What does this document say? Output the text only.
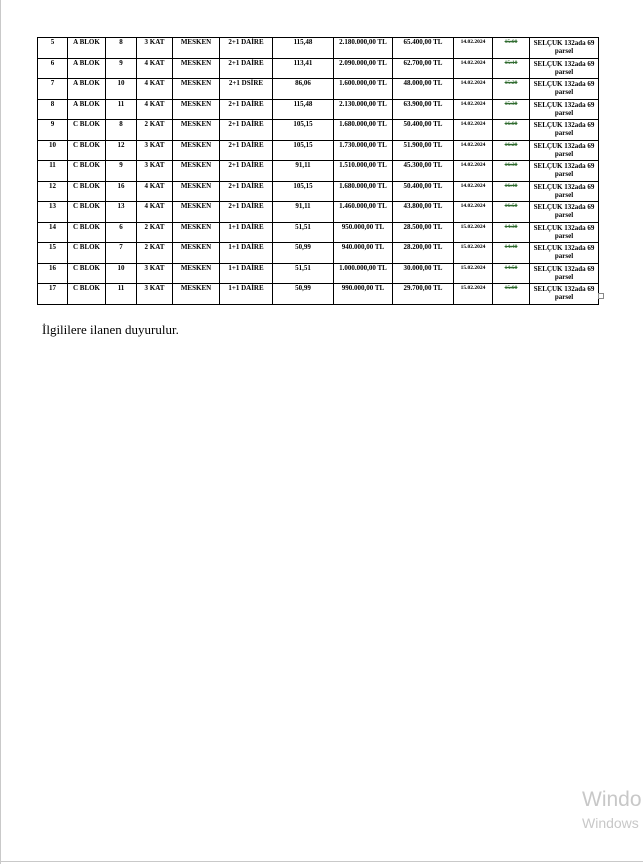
5	A BLOK	8	3 KAT	MESKEN	2+1 DAİRE	115,48	2.180.000,00 TL	65.400,00 TL	14.02.2024	15:00	SELÇUK 132ada 69 parsel
6	A BLOK	9	4 KAT	MESKEN	2+1 DAİRE	113,41	2.090.000,00 TL	62.700,00 TL	14.02.2024	15:10	SELÇUK 132ada 69 parsel
7	A BLOK	10	4 KAT	MESKEN	2+1 DSİRE	86,06	1.600.000,00 TL	48.000,00 TL	14.02.2024	15:20	SELÇUK 132ada 69 parsel
8	A BLOK	11	4 KAT	MESKEN	2+1 DAİRE	115,48	2.130.000,00 TL	63.900,00 TL	14.02.2024	15:30	SELÇUK 132ada 69 parsel
9	C BLOK	8	2 KAT	MESKEN	2+1 DAİRE	105,15	1.680.000,00 TL	50.400,00 TL	14.02.2024	16:00	SELÇUK 132ada 69 parsel
10	C BLOK	12	3 KAT	MESKEN	2+1 DAİRE	105,15	1.730.000,00 TL	51.900,00 TL	14.02.2024	16:20	SELÇUK 132ada 69 parsel
11	C BLOK	9	3 KAT	MESKEN	2+1 DAİRE	91,11	1.510.000,00 TL	45.300,00 TL	14.02.2024	16:30	SELÇUK 132ada 69 parsel
12	C BLOK	16	4 KAT	MESKEN	2+1 DAİRE	105,15	1.680.000,00 TL	50.400,00 TL	14.02.2024	16:40	SELÇUK 132ada 69 parsel
13	C BLOK	13	4 KAT	MESKEN	2+1 DAİRE	91,11	1.460.000,00 TL	43.800,00 TL	14.02.2024	16:50	SELÇUK 132ada 69 parsel
14	C BLOK	6	2 KAT	MESKEN	1+1 DAİRE	51,51	950.000,00 TL	28.500,00 TL	15.02.2024	14:30	SELÇUK 132ada 69 parsel
15	C BLOK	7	2 KAT	MESKEN	1+1 DAİRE	50,99	940.000,00 TL	28.200,00 TL	15.02.2024	14:40	SELÇUK 132ada 69 parsel
16	C BLOK	10	3 KAT	MESKEN	1+1 DAİRE	51,51	1.000.000,00 TL	30.000,00 TL	15.02.2024	14:50	SELÇUK 132ada 69 parsel
17	C BLOK	11	3 KAT	MESKEN	1+1 DAİRE	50,99	990.000,00 TL	29.700,00 TL	15.02.2024	15:00	SELÇUK 132ada 69 parsel
İlgililere ilanen duyurulur.
Windo
Windows
